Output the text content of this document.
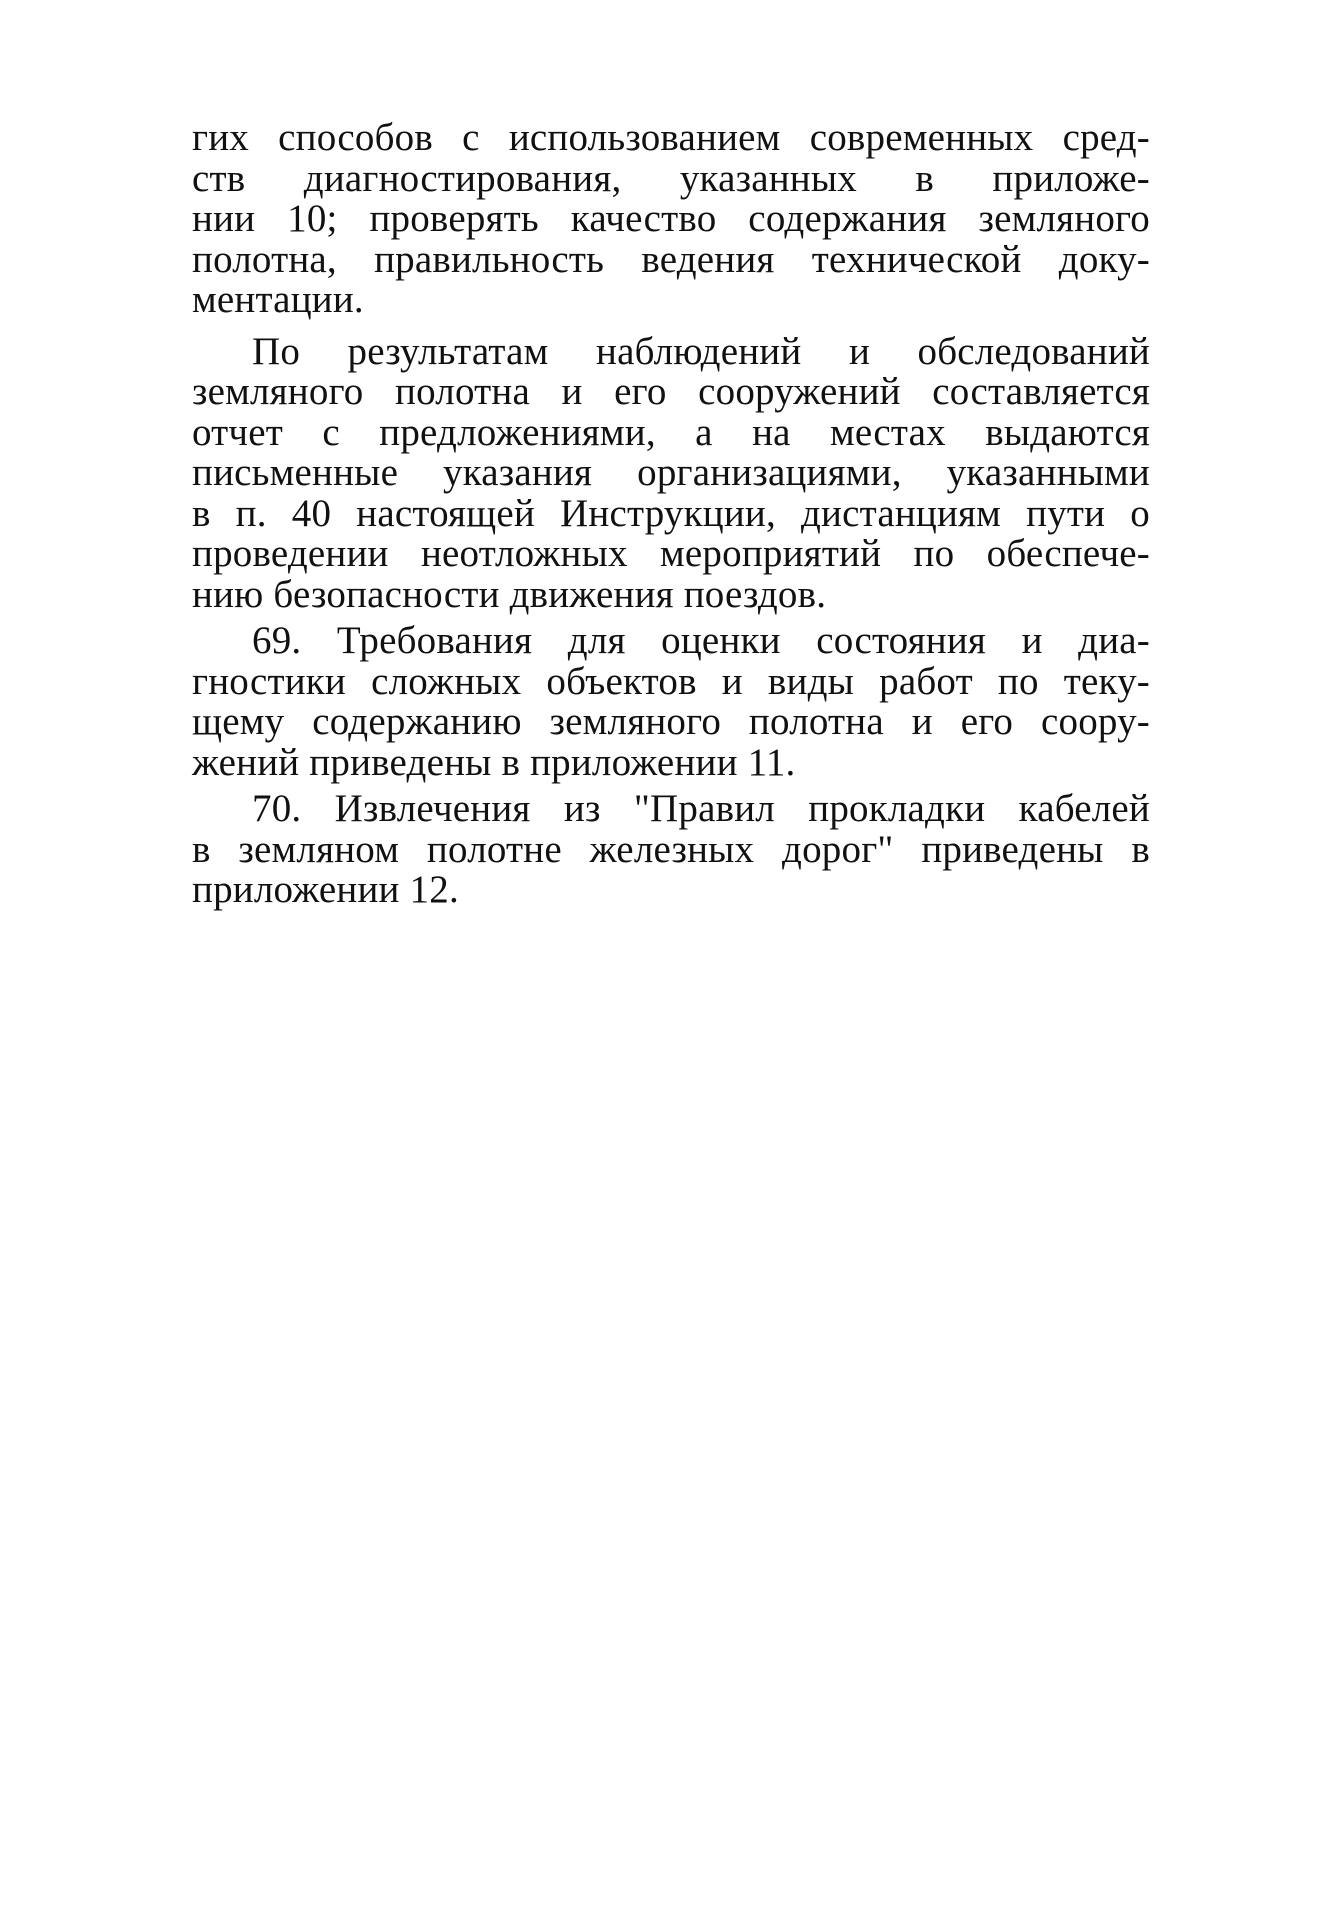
гих способов с использованием современных сред-
ств диагностирования, указанных в приложе-
нии 10; проверять качество содержания земляного
полотна, правильность ведения технической доку-
ментации.
По результатам наблюдений и обследований
земляного полотна и его сооружений составляется
отчет с предложениями, а на местах выдаются
письменные указания организациями, указанными
в п. 40 настоящей Инструкции, дистанциям пути о
проведении неотложных мероприятий по обеспече-
нию безопасности движения поездов.
69. Требования для оценки состояния и диа-
гностики сложных объектов и виды работ по теку-
щему содержанию земляного полотна и его соору-
жений приведены в приложении 11.
70. Извлечения из "Правил прокладки кабелей
в земляном полотне железных дорог" приведены в
приложении 12.
